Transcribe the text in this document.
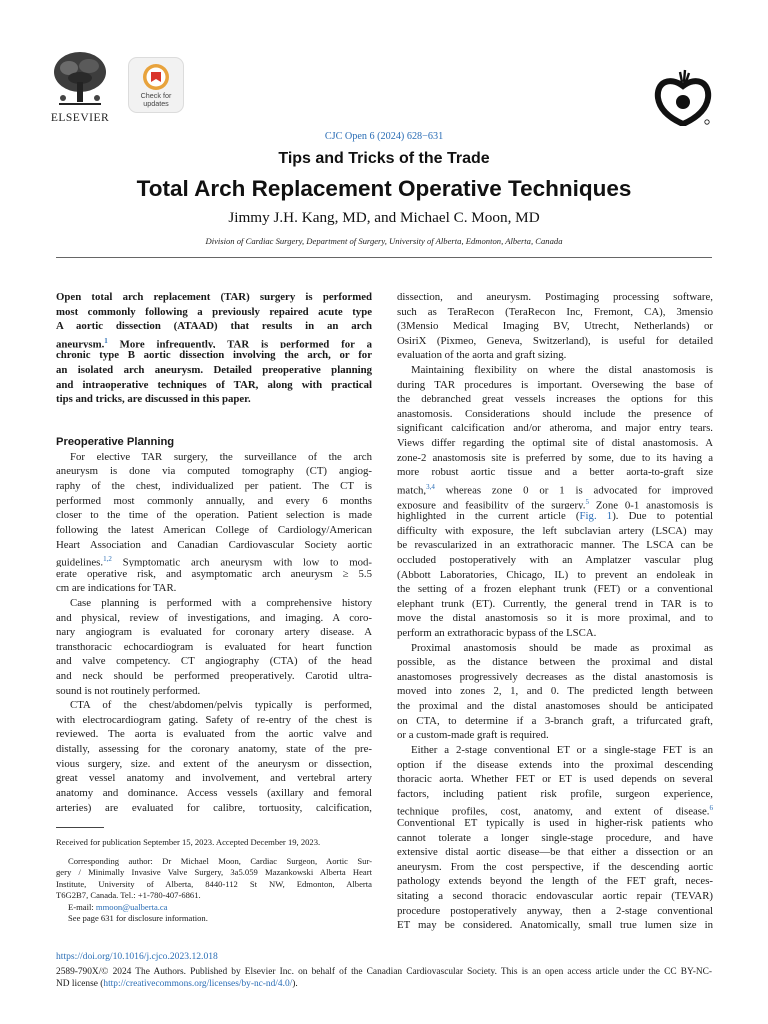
ELSEVIER
Check for
updates
CJC Open 6 (2024) 628−631
Tips and Tricks of the Trade
Total Arch Replacement Operative Techniques
Jimmy J.H. Kang, MD, and Michael C. Moon, MD
Division of Cardiac Surgery, Department of Surgery, University of Alberta, Edmonton, Alberta, Canada
Open total arch replacement (TAR) surgery is performed
most commonly following a previously repaired acute type
A aortic dissection (ATAAD) that results in an arch
aneurysm.$^1$ More infrequently, TAR is performed for a
chronic type B aortic dissection involving the arch, or for
an isolated arch aneurysm. Detailed preoperative planning
and intraoperative techniques of TAR, along with practical
tips and tricks, are discussed in this paper.
Preoperative Planning
For elective TAR surgery, the surveillance of the arch
aneurysm is done via computed tomography (CT) angiog-
raphy of the chest, individualized per patient. The CT is
performed most commonly annually, and every 6 months
closer to the time of the operation. Patient selection is made
following the latest American College of Cardiology/American
Heart Association and Canadian Cardiovascular Society aortic
guidelines.$^{1,2}$ Symptomatic arch aneurysm with low to mod-
erate operative risk, and asymptomatic arch aneurysm ≥ 5.5
cm are indications for TAR.
Case planning is performed with a comprehensive history
and physical, review of investigations, and imaging. A coro-
nary angiogram is evaluated for coronary artery disease. A
transthoracic echocardiogram is evaluated for heart function
and valve competency. CT angiography (CTA) of the head
and neck should be performed preoperatively. Carotid ultra-
sound is not routinely performed.
CTA of the chest/abdomen/pelvis typically is performed,
with electrocardiogram gating. Safety of re-entry of the chest is
reviewed. The aorta is evaluated from the aortic valve and
distally, assessing for the coronary anatomy, state of the pre-
vious surgery, size. and extent of the aneurysm or dissection,
great vessel anatomy and involvement, and vertebral artery
anatomy and dominance. Access vessels (axillary and femoral
arteries) are evaluated for calibre, tortuosity, calcification,
dissection, and aneurysm. Postimaging processing software,
such as TeraRecon (TeraRecon Inc, Fremont, CA), 3mensio
(3Mensio Medical Imaging BV, Utrecht, Netherlands) or
OsiriX (Pixmeo, Geneva, Switzerland), is useful for detailed
evaluation of the aorta and graft sizing.
Maintaining flexibility on where the distal anastomosis is
during TAR procedures is important. Oversewing the base of
the debranched great vessels increases the options for this
anastomosis. Considerations should include the presence of
significant calcification and/or atheroma, and major entry tears.
Views differ regarding the optimal site of distal anastomosis. A
zone-2 anastomosis site is preferred by some, due to its having a
more robust aortic tissue and a better aorta-to-graft size
match,$^{3,4}$ whereas zone 0 or 1 is advocated for improved
exposure and feasibility of the surgery.$^5$ Zone 0-1 anastomosis is
highlighted in the current article (Fig. 1). Due to potential
difficulty with exposure, the left subclavian artery (LSCA) may
be revascularized in an extrathoracic manner. The LSCA can be
occluded postoperatively with an Amplatzer vascular plug
(Abbott Laboratories, Chicago, IL) to prevent an endoleak in
the setting of a frozen elephant trunk (FET) or a conventional
elephant trunk (ET). Currently, the general trend in TAR is to
move the distal anastomosis so it is more proximal, and to
perform an extrathoracic bypass of the LSCA.
Proximal anastomosis should be made as proximal as
possible, as the distance between the proximal and distal
anastomoses progressively decreases as the distal anastomosis is
moved into zones 2, 1, and 0. The predicted length between
the proximal and the distal anastomoses should be anticipated
on CTA, to determine if a 3-branch graft, a trifurcated graft,
or a custom-made graft is required.
Either a 2-stage conventional ET or a single-stage FET is an
option if the disease extends into the proximal descending
thoracic aorta. Whether FET or ET is used depends on several
factors, including patient risk profile, surgeon experience,
technique profiles, cost, anatomy, and extent of disease.$^6$
Conventional ET typically is used in higher-risk patients who
cannot tolerate a longer single-stage procedure, and have
extensive distal aortic disease—be that either a dissection or an
aneurysm. From the cost perspective, if the descending aortic
pathology extends beyond the length of the FET graft, neces-
sitating a second thoracic endovascular aortic repair (TEVAR)
procedure postoperatively anyway, then a 2-stage conventional
ET may be considered. Anatomically, small true lumen size in
Received for publication September 15, 2023. Accepted December 19, 2023.
Corresponding author: Dr Michael Moon, Cardiac Surgeon, Aortic Sur-
gery / Minimally Invasive Valve Surgery, 3a5.059 Mazankowski Alberta Heart
Institute, University of Alberta, 8440-112 St NW, Edmonton, Alberta
T6G2B7, Canada. Tel.: +1-780-407-6861.
E-mail: mmoon@ualberta.ca
See page 631 for disclosure information.
https://doi.org/10.1016/j.cjco.2023.12.018
2589-790X/© 2024 The Authors. Published by Elsevier Inc. on behalf of the Canadian Cardiovascular Society. This is an open access article under the CC BY-NC-
ND license (http://creativecommons.org/licenses/by-nc-nd/4.0/).
